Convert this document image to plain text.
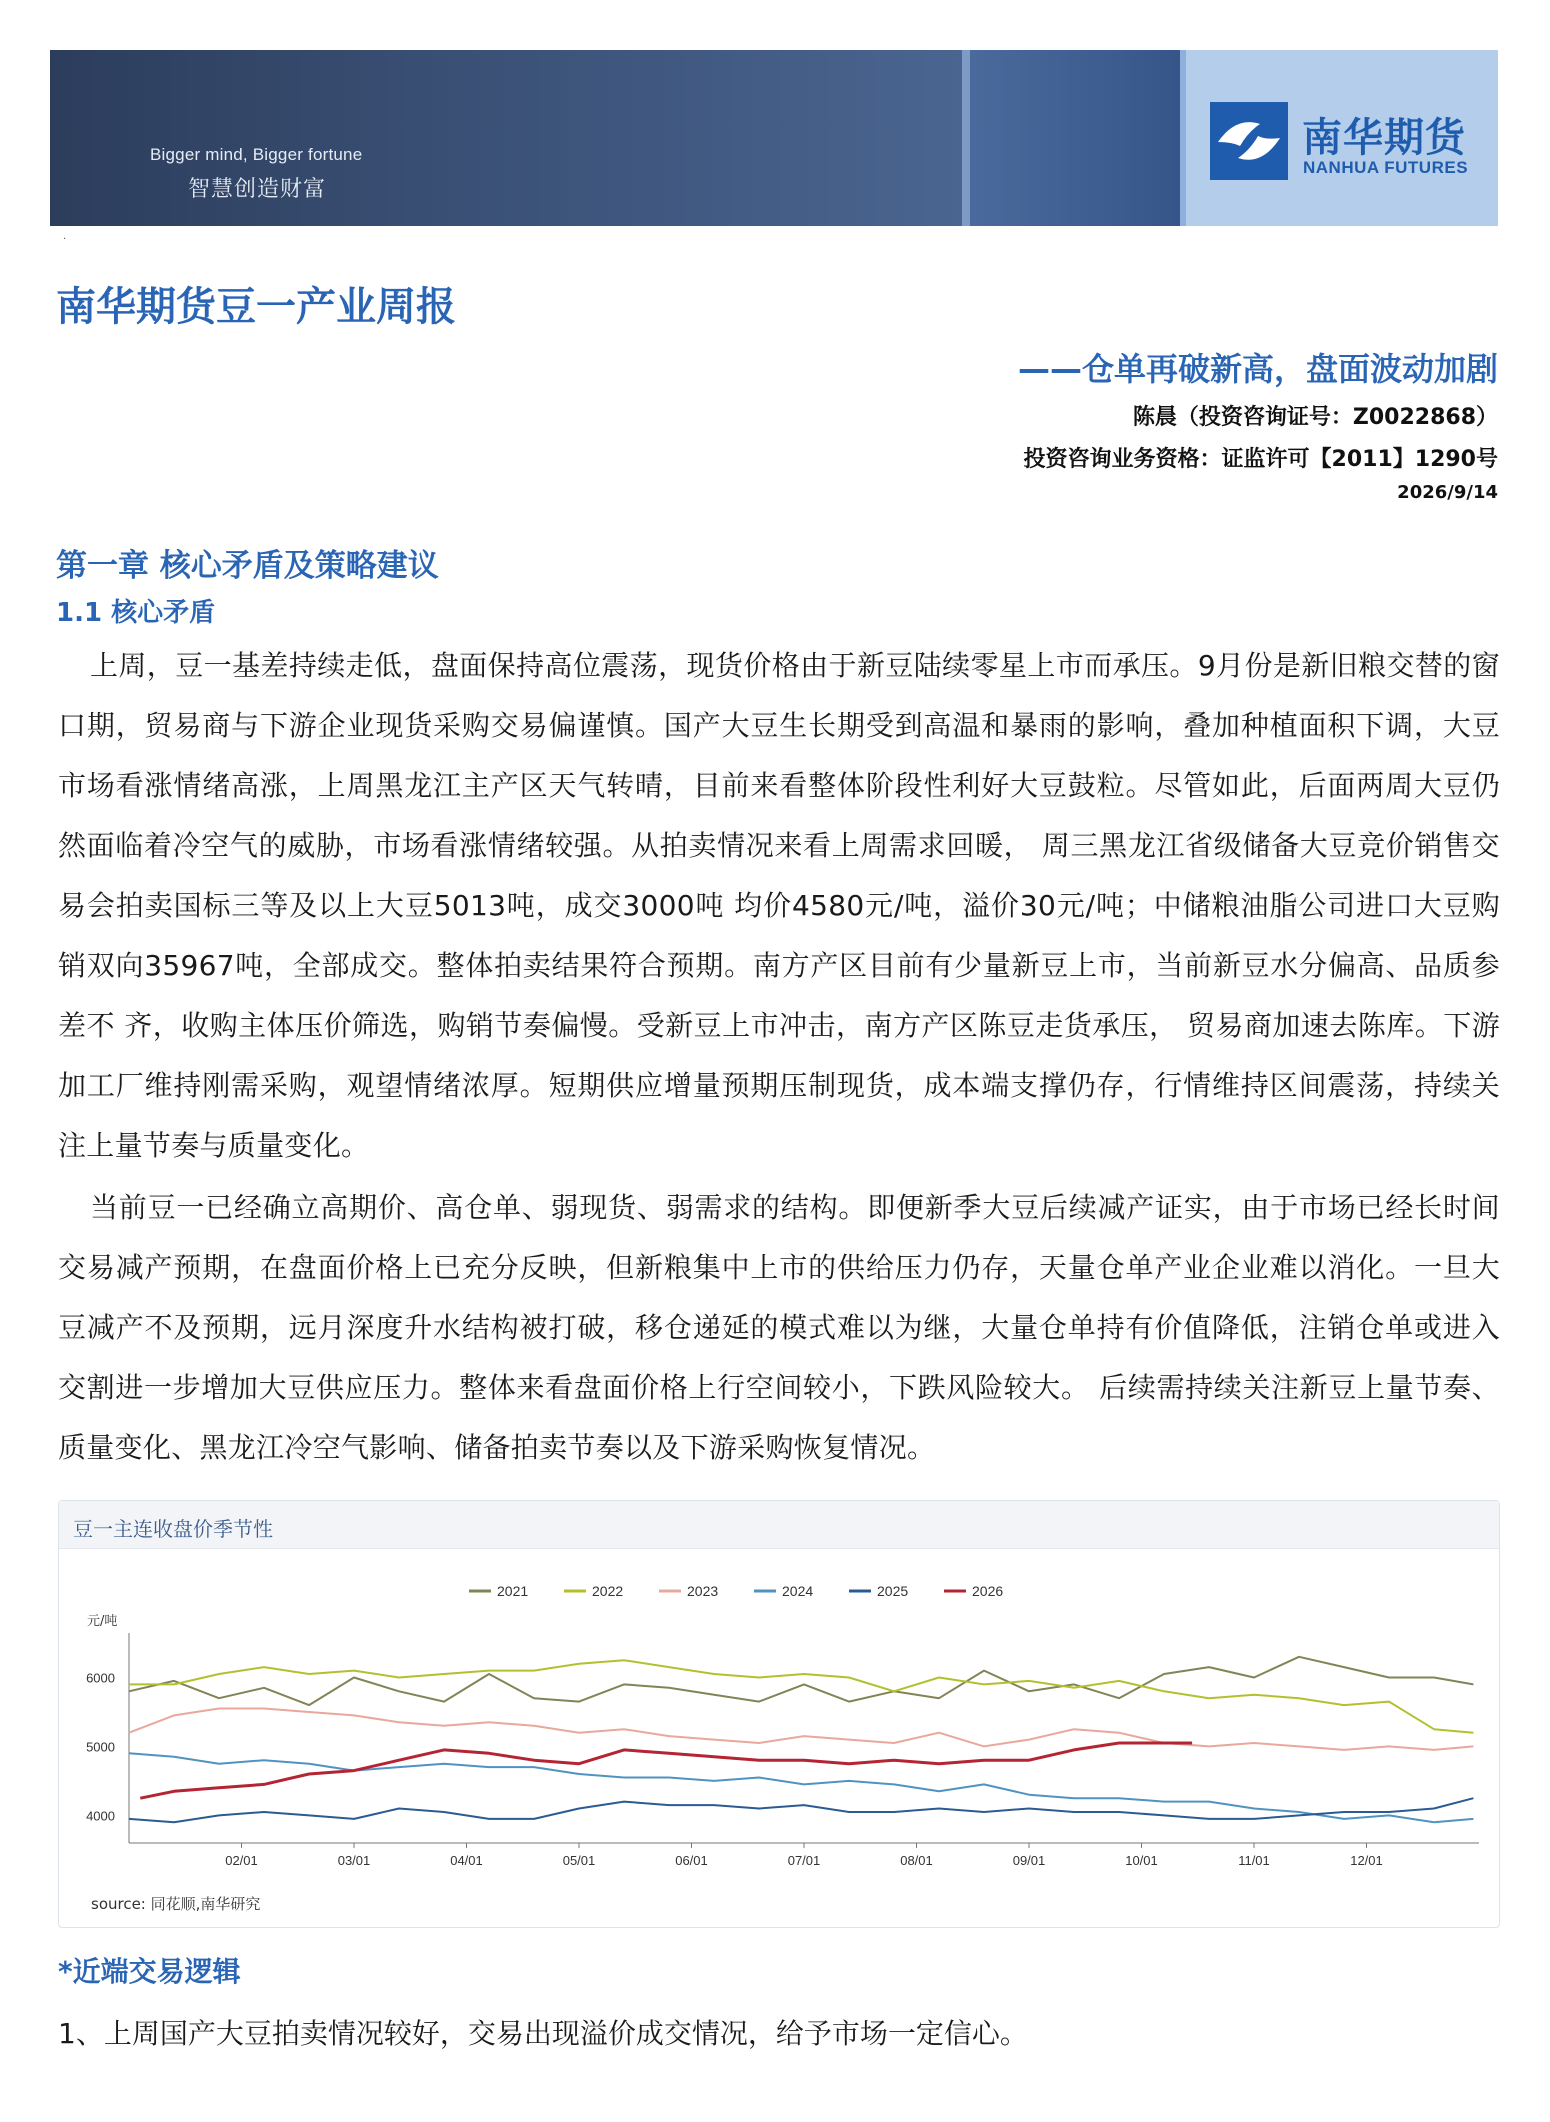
Bigger mind, Bigger fortune
智慧创造财富
南华期货
NANHUA FUTURES
·
南华期货豆一产业周报
——仓单再破新高，盘面波动加剧
陈晨（投资咨询证号：Z0022868）
投资咨询业务资格：证监许可【2011】1290号
2026/9/14
第一章 核心矛盾及策略建议
1.1 核心矛盾

上周，豆一基差持续走低，盘面保持高位震荡，现货价格由于新豆陆续零星上市而承压。9月份是新旧粮交替的窗口期，贸易商与下游企业现货采购交易偏谨慎。国产大豆生长期受到高温和暴雨的影响，叠加种植面积下调，大豆市场看涨情绪高涨，上周黑龙江主产区天气转晴，目前来看整体阶段性利好大豆鼓粒。尽管如此，后面两周大豆仍然面临着冷空气的威胁，市场看涨情绪较强。从拍卖情况来看上周需求回暖， 周三黑龙江省级储备大豆竞价销售交易会拍卖国标三等及以上大豆5013吨，成交3000吨 均价4580元/吨，溢价30元/吨；中储粮油脂公司进口大豆购销双向35967吨，全部成交。整体拍卖结果符合预期。南方产区目前有少量新豆上市，当前新豆水分偏高、品质参差不 齐，收购主体压价筛选，购销节奏偏慢。受新豆上市冲击，南方产区陈豆走货承压， 贸易商加速去陈库。下游加工厂维持刚需采购，观望情绪浓厚。短期供应增量预期压制现货，成本端支撑仍存，行情维持区间震荡，持续关注上量节奏与质量变化。

当前豆一已经确立高期价、高仓单、弱现货、弱需求的结构。即便新季大豆后续减产证实，由于市场已经长时间交易减产预期，在盘面价格上已充分反映，但新粮集中上市的供给压力仍存，天量仓单产业企业难以消化。一旦大豆减产不及预期，远月深度升水结构被打破，移仓递延的模式难以为继，大量仓单持有价值降低，注销仓单或进入交割进一步增加大豆供应压力。整体来看盘面价格上行空间较小，下跌风险较大。 后续需持续关注新豆上量节奏、质量变化、黑龙江冷空气影响、储备拍卖节奏以及下游采购恢复情况。

豆一主连收盘价季节性
元/吨
4000
5000
6000
02/01	03/01	04/01	05/01	06/01	07/01	08/01	09/01	10/01	11/01	12/01
2021	2022	2023	2024	2025	2026
source: 同花顺,南华研究
*近端交易逻辑
1、上周国产大豆拍卖情况较好，交易出现溢价成交情况，给予市场一定信心。
